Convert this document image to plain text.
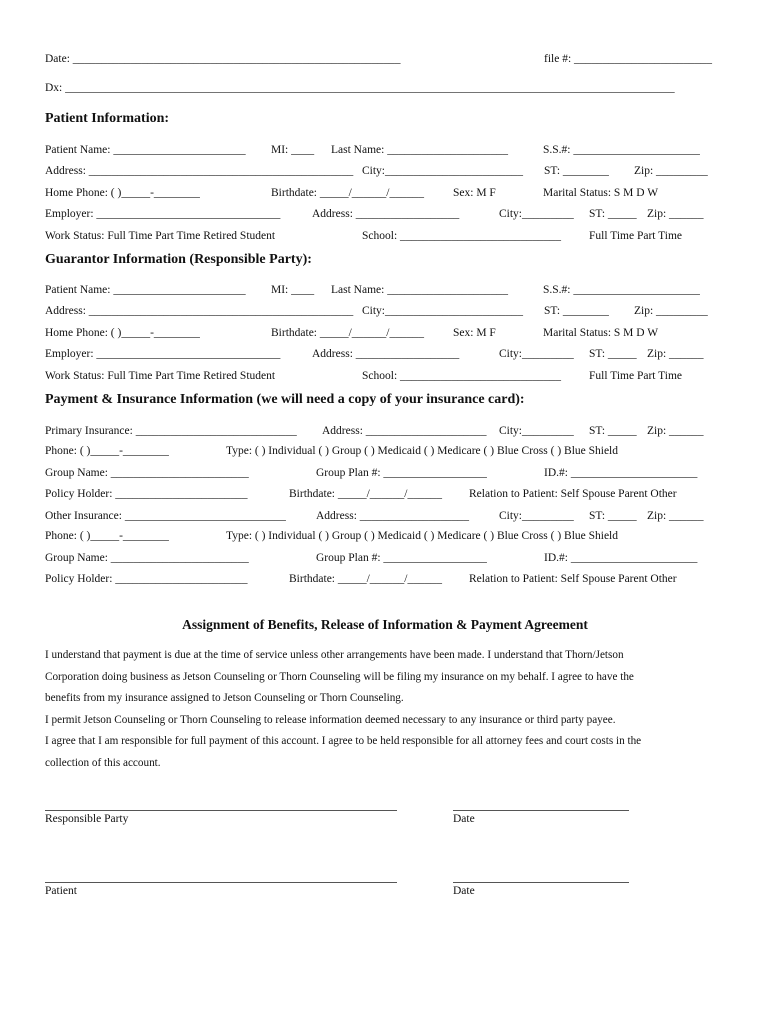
Date: _________________________________________________________	file #: ________________________
Dx: __________________________________________________________________________________________________________
Patient Information:
Patient Name: _______________________ MI: ____ Last Name: _____________________	S.S.#: ______________________
Address: ______________________________________________ City:________________________ ST: ________ Zip: _________
Home Phone: ( )_____-________	Birthdate: _____/______/______	Sex: M F	Marital Status: S M D W
Employer: ________________________________	Address: __________________	City:_________ ST: _____ Zip: ______
Work Status: Full Time Part Time Retired Student	School: ____________________________ Full Time Part Time
Guarantor Information (Responsible Party):
Patient Name: _______________________ MI: ____ Last Name: _____________________	S.S.#: ______________________
Address: ______________________________________________ City:________________________ ST: ________ Zip: _________
Home Phone: ( )_____-________	Birthdate: _____/______/______	Sex: M F	Marital Status: S M D W
Employer: ________________________________	Address: __________________	City:_________ ST: _____ Zip: ______
Work Status: Full Time Part Time Retired Student	School: ____________________________ Full Time Part Time
Payment & Insurance Information (we will need a copy of your insurance card):
Primary Insurance: ____________________________ Address: _____________________ City:_________ ST: _____ Zip: ______
Phone: ( )_____-________	Type: ( ) Individual ( ) Group ( ) Medicaid ( ) Medicare ( ) Blue Cross ( ) Blue Shield
Group Name: ________________________	Group Plan #: __________________	ID.#: ______________________
Policy Holder: _______________________	Birthdate: _____/______/______ Relation to Patient: Self Spouse Parent Other
Other Insurance: ____________________________	Address: ___________________	City:_________ ST: _____ Zip: ______
Phone: ( )_____-________	Type: ( ) Individual ( ) Group ( ) Medicaid ( ) Medicare ( ) Blue Cross ( ) Blue Shield
Group Name: ________________________	Group Plan #: __________________	ID.#: ______________________
Policy Holder: _______________________	Birthdate: _____/______/______ Relation to Patient: Self Spouse Parent Other
Assignment of Benefits, Release of Information & Payment Agreement
I understand that payment is due at the time of service unless other arrangements have been made. I understand that Thorn/Jetson
Corporation doing business as Jetson Counseling or Thorn Counseling will be filing my insurance on my behalf. I agree to have the
benefits from my insurance assigned to Jetson Counseling or Thorn Counseling.
I permit Jetson Counseling or Thorn Counseling to release information deemed necessary to any insurance or third party payee.
I agree that I am responsible for full payment of this account. I agree to be held responsible for all attorney fees and court costs in the
collection of this account.
Responsible Party	Date
Patient	Date
